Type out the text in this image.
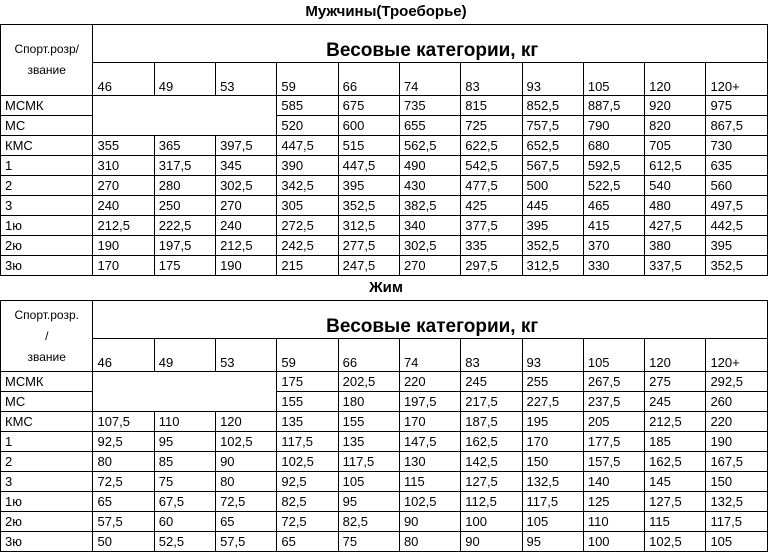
Мужчины(Троеборье)											

Спорт.розр/
звание	Весовые категории, кг										
	46	49	53	59	66	74	83	93	105	120	120+
МСМК				585	675	735	815	852,5	887,5	920	975
МС				520	600	655	725	757,5	790	820	867,5
КМС	355	365	397,5	447,5	515	562,5	622,5	652,5	680	705	730
1	310	317,5	345	390	447,5	490	542,5	567,5	592,5	612,5	635
2	270	280	302,5	342,5	395	430	477,5	500	522,5	540	560
3	240	250	270	305	352,5	382,5	425	445	465	480	497,5
1ю	212,5	222,5	240	272,5	312,5	340	377,5	395	415	427,5	442,5
2ю	190	197,5	212,5	242,5	277,5	302,5	335	352,5	370	380	395
3ю	170	175	190	215	247,5	270	297,5	312,5	330	337,5	352,5
Жим											

Спорт.розр.
/
звание	Весовые категории, кг										
	46	49	53	59	66	74	83	93	105	120	120+
МСМК				175	202,5	220	245	255	267,5	275	292,5
МС				155	180	197,5	217,5	227,5	237,5	245	260
КМС	107,5	110	120	135	155	170	187,5	195	205	212,5	220
1	92,5	95	102,5	117,5	135	147,5	162,5	170	177,5	185	190
2	80	85	90	102,5	117,5	130	142,5	150	157,5	162,5	167,5
3	72,5	75	80	92,5	105	115	127,5	132,5	140	145	150
1ю	65	67,5	72,5	82,5	95	102,5	112,5	117,5	125	127,5	132,5
2ю	57,5	60	65	72,5	82,5	90	100	105	110	115	117,5
3ю	50	52,5	57,5	65	75	80	90	95	100	102,5	105
